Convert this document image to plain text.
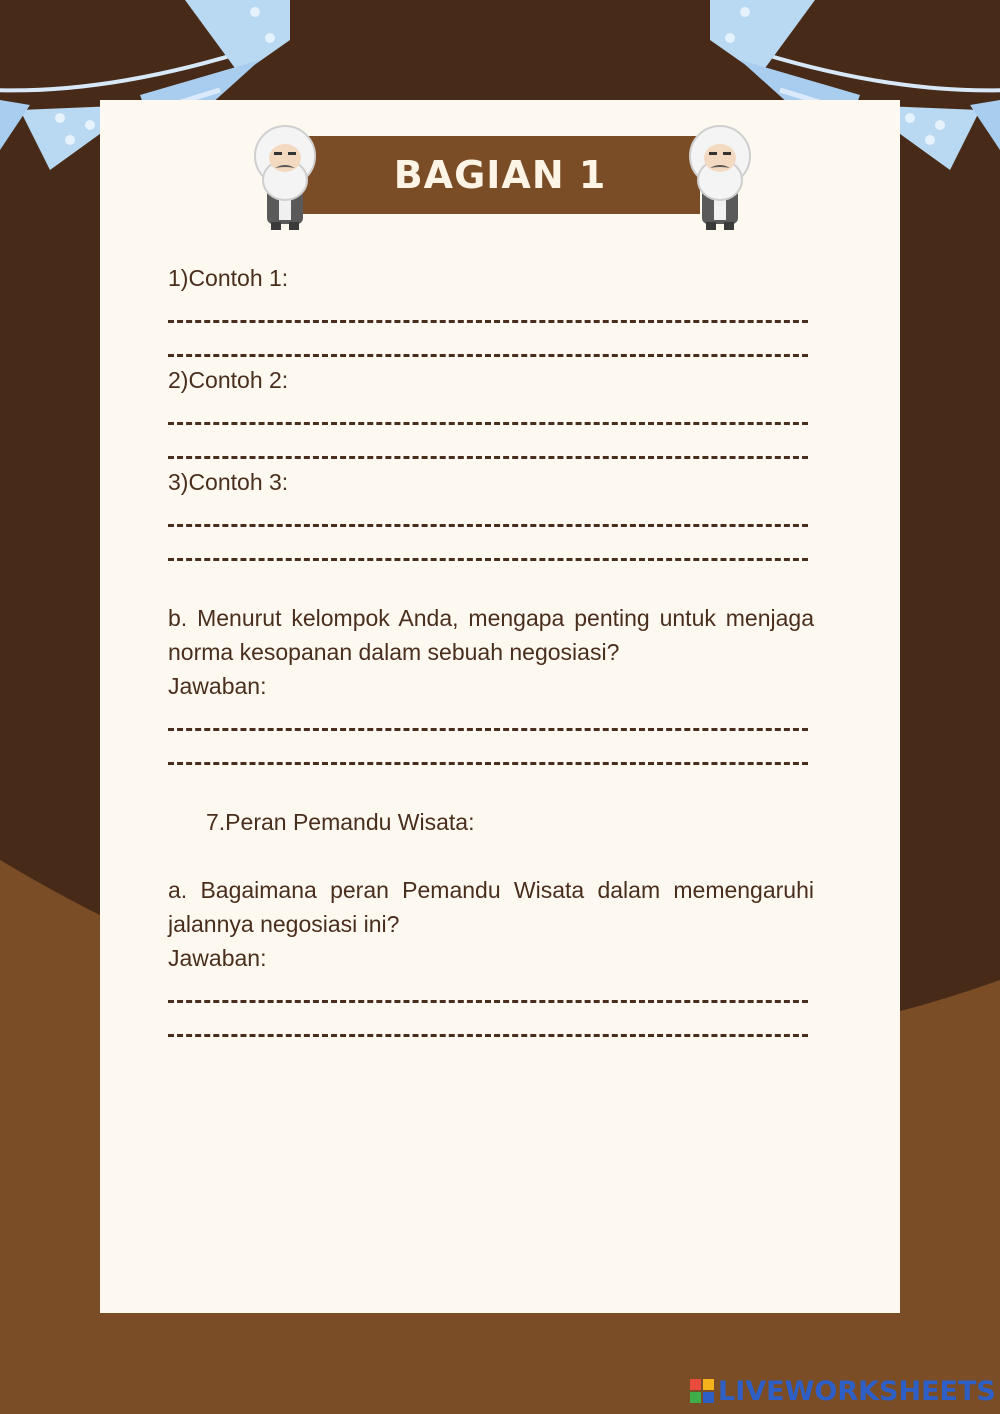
BAGIAN 1
1)Contoh 1:
2)Contoh 2:
3)Contoh 3:
b. Menurut kelompok Anda, mengapa penting untuk menjaga norma kesopanan dalam sebuah negosiasi?
Jawaban:
7.Peran Pemandu Wisata:
a. Bagaimana peran Pemandu Wisata dalam memengaruhi jalannya negosiasi ini?
Jawaban:
LIVEWORKSHEETS
